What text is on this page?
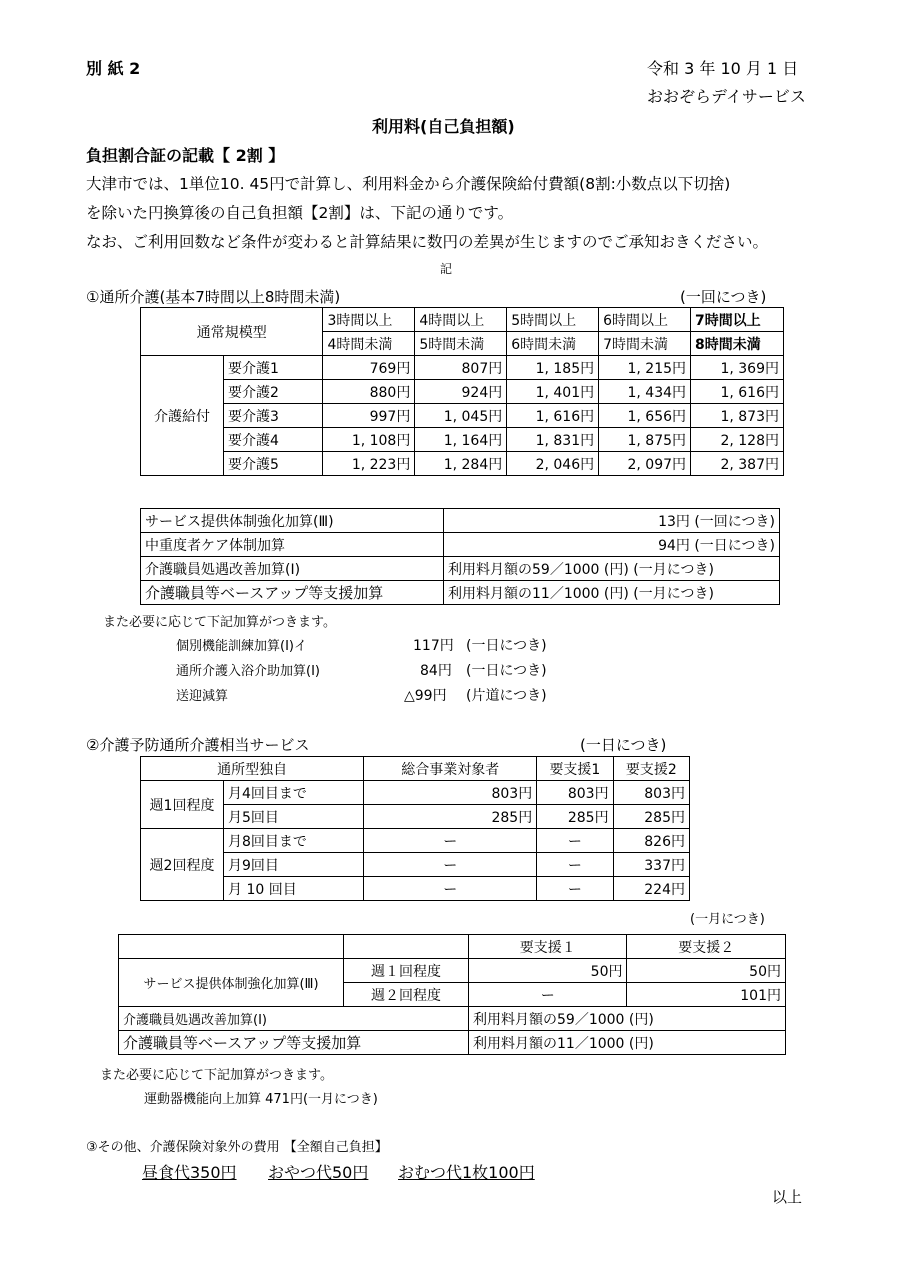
別 紙 2	令和 3 年 10 月 1 日
おおぞらデイサービス
利用料(自己負担額)
負担割合証の記載【 2割 】
大津市では、1単位10. 45円で計算し、利用料金から介護保険給付費額(8割:小数点以下切捨)
を除いた円換算後の自己負担額【2割】は、下記の通りです。
なお、ご利用回数など条件が変わると計算結果に数円の差異が生じますのでご承知おきください。
記
①通所介護(基本7時間以上8時間未満)	(一回につき)
通常規模型		3時間以上	4時間以上	5時間以上	6時間以上	7時間以上
		4時間未満	5時間未満	6時間未満	7時間未満	8時間未満
介護給付	要介護1	769円	807円	1, 185円	1, 215円	1, 369円
	要介護2	880円	924円	1, 401円	1, 434円	1, 616円
	要介護3	997円	1, 045円	1, 616円	1, 656円	1, 873円
	要介護4	1, 108円	1, 164円	1, 831円	1, 875円	2, 128円
	要介護5	1, 223円	1, 284円	2, 046円	2, 097円	2, 387円
サービス提供体制強化加算(Ⅲ)	13円 (一回につき)
中重度者ケア体制加算	94円 (一日につき)
介護職員処遇改善加算(Ⅰ)	利用料月額の59／1000 (円) (一月につき)
介護職員等ベースアップ等支援加算	利用料月額の11／1000 (円) (一月につき)
また必要に応じて下記加算がつきます。
個別機能訓練加算(Ⅰ)イ	117円 (一日につき)
通所介護入浴介助加算(Ⅰ)	84円 (一日につき)
送迎減算	△99円 (片道につき)
②介護予防通所介護相当サービス	(一日につき)
通所型独自		総合事業対象者	要支援1	要支援2
週1回程度	月4回目まで	803円	803円	803円
	月5回目	285円	285円	285円
週2回程度	月8回目まで	ー	ー	826円
	月9回目	ー	ー	337円
	月 10 回目	ー	ー	224円
(一月につき)
		要支援１	要支援２
サービス提供体制強化加算(Ⅲ)	週１回程度	50円	50円
	週２回程度	ー	101円
介護職員処遇改善加算(Ⅰ)		利用料月額の59／1000 (円)	
介護職員等ベースアップ等支援加算		利用料月額の11／1000 (円)	
また必要に応じて下記加算がつきます。
運動器機能向上加算 471円(一月につき)
③その他、介護保険対象外の費用 【全額自己負担】
昼食代350円 おやつ代50円 おむつ代1枚100円
以上
